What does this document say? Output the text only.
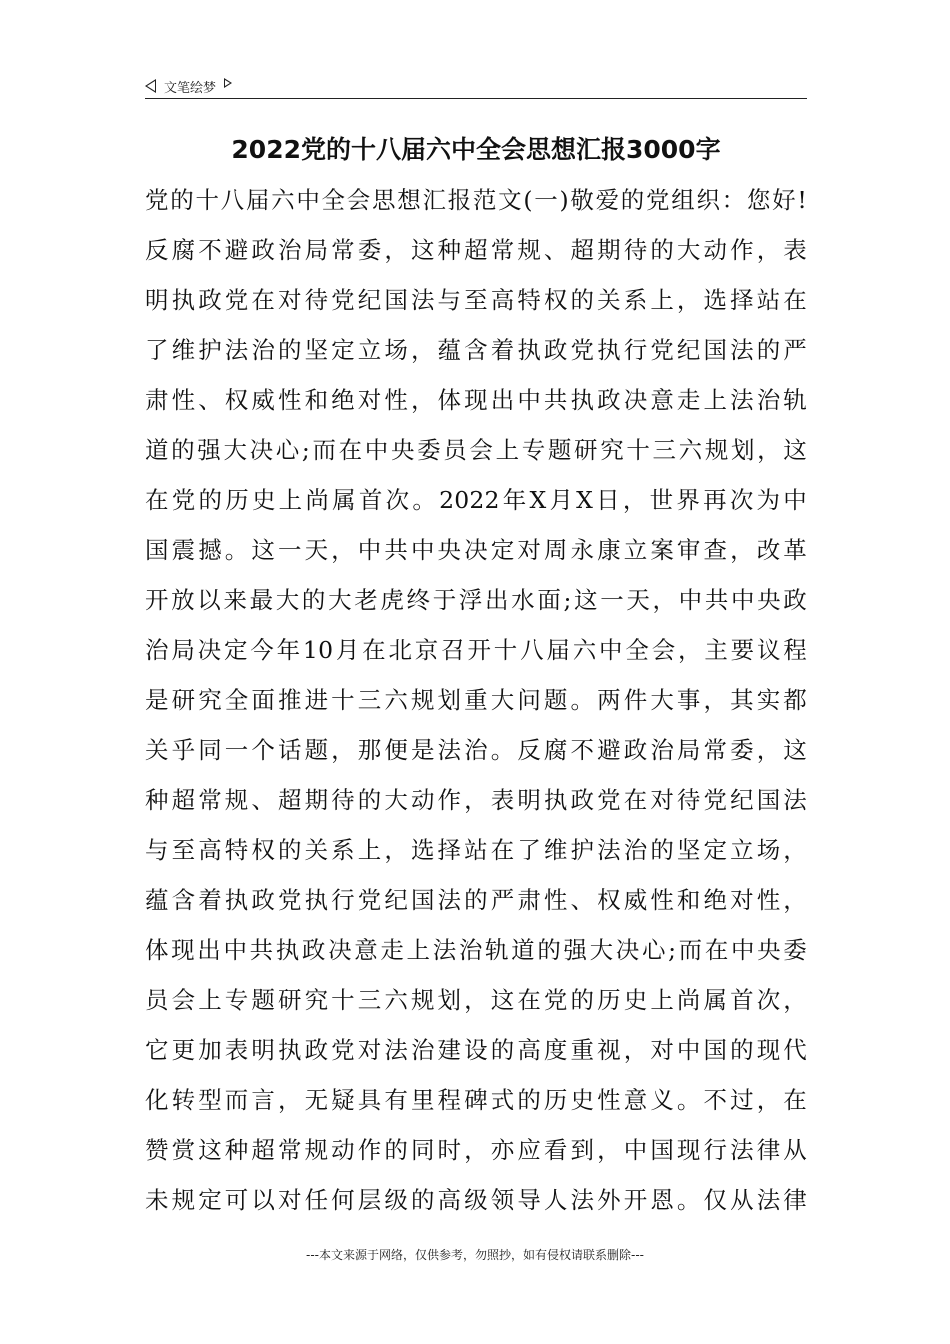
文笔绘梦
2022党的十八届六中全会思想汇报3000字
党的十八届六中全会思想汇报范文(一)敬爱的党组织：您好!
反腐不避政治局常委，这种超常规、超期待的大动作，表
明执政党在对待党纪国法与至高特权的关系上，选择站在
了维护法治的坚定立场，蕴含着执政党执行党纪国法的严
肃性、权威性和绝对性，体现出中共执政决意走上法治轨
道的强大决心;而在中央委员会上专题研究十三六规划，这
在党的历史上尚属首次。2022年X月X日，世界再次为中
国震撼。这一天，中共中央决定对周永康立案审查，改革
开放以来最大的大老虎终于浮出水面;这一天，中共中央政
治局决定今年10月在北京召开十八届六中全会，主要议程
是研究全面推进十三六规划重大问题。两件大事，其实都
关乎同一个话题，那便是法治。反腐不避政治局常委，这
种超常规、超期待的大动作，表明执政党在对待党纪国法
与至高特权的关系上，选择站在了维护法治的坚定立场，
蕴含着执政党执行党纪国法的严肃性、权威性和绝对性，
体现出中共执政决意走上法治轨道的强大决心;而在中央委
员会上专题研究十三六规划，这在党的历史上尚属首次，
它更加表明执政党对法治建设的高度重视，对中国的现代
化转型而言，无疑具有里程碑式的历史性意义。不过，在
赞赏这种超常规动作的同时，亦应看到，中国现行法律从
未规定可以对任何层级的高级领导人法外开恩。仅从法律
---本文来源于网络，仅供参考，勿照抄，如有侵权请联系删除---
